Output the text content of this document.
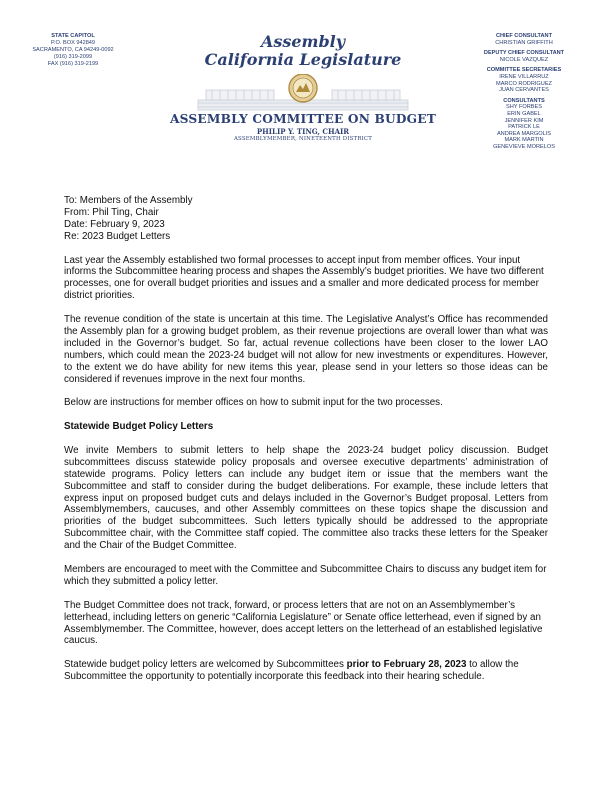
STATE CAPITOL
P.O. BOX 942849
SACRAMENTO, CA 94249-0092
(916) 319-2099
FAX (916) 319-2199
Assembly
California Legislature
ASSEMBLY COMMITTEE ON BUDGET
PHILIP Y. TING, CHAIR
ASSEMBLYMEMBER, NINETEENTH DISTRICT
CHIEF CONSULTANT
CHRISTIAN GRIFFITH
DEPUTY CHIEF CONSULTANT
NICOLE VAZQUEZ
COMMITTEE SECRETARIES
IRENE VILLARRUZ
MARCO RODRIGUEZ
JUAN CERVANTES
CONSULTANTS
SHY FORBES
ERIN GABEL
JENNIFER KIM
PATRICK LE
ANDREA MARGOLIS
MARK MARTIN
GENEVIEVE MORELOS
To: Members of the Assembly
From: Phil Ting, Chair
Date: February 9, 2023
Re: 2023 Budget Letters

Last year the Assembly established two formal processes to accept input from member offices. Your input informs the Subcommittee hearing process and shapes the Assembly’s budget priorities. We have two different processes, one for overall budget priorities and issues and a smaller and more dedicated process for member district priorities.

The revenue condition of the state is uncertain at this time. The Legislative Analyst’s Office has recommended the Assembly plan for a growing budget problem, as their revenue projections are overall lower than what was included in the Governor’s budget. So far, actual revenue collections have been closer to the lower LAO numbers, which could mean the 2023-24 budget will not allow for new investments or expenditures. However, to the extent we do have ability for new items this year, please send in your letters so those ideas can be considered if revenues improve in the next four months.

Below are instructions for member offices on how to submit input for the two processes.

Statewide Budget Policy Letters

We invite Members to submit letters to help shape the 2023-24 budget policy discussion. Budget subcommittees discuss statewide policy proposals and oversee executive departments’ administration of statewide programs. Policy letters can include any budget item or issue that the members want the Subcommittee and staff to consider during the budget deliberations. For example, these include letters that express input on proposed budget cuts and delays included in the Governor’s Budget proposal. Letters from Assemblymembers, caucuses, and other Assembly committees on these topics shape the discussion and priorities of the budget subcommittees. Such letters typically should be addressed to the appropriate Subcommittee chair, with the Committee staff copied. The committee also tracks these letters for the Speaker and the Chair of the Budget Committee.

Members are encouraged to meet with the Committee and Subcommittee Chairs to discuss any budget item for which they submitted a policy letter.

The Budget Committee does not track, forward, or process letters that are not on an Assemblymember’s letterhead, including letters on generic “California Legislature” or Senate office letterhead, even if signed by an Assemblymember. The Committee, however, does accept letters on the letterhead of an established legislative caucus.

Statewide budget policy letters are welcomed by Subcommittees prior to February 28, 2023 to allow the Subcommittee the opportunity to potentially incorporate this feedback into their hearing schedule.
